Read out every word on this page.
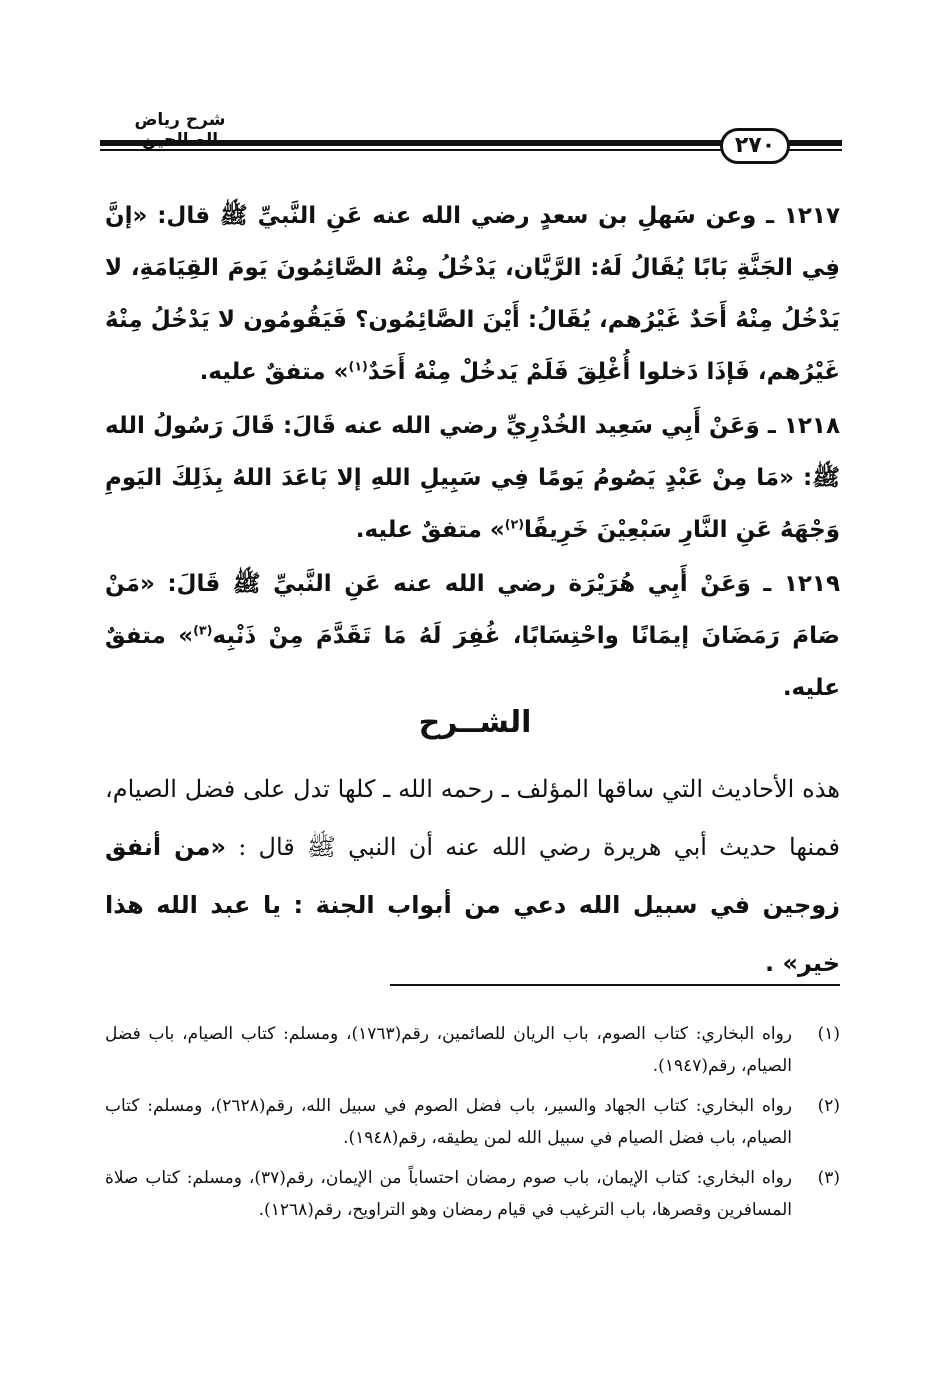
شرح رياض
٢٧٠

١٢١٧ ـ وعن سَهلِ بن سعدٍ رضي الله عنه عَنِ النَّبيِّ ﷺ قال: «إنَّ فِي الجَنَّةِ بَابًا يُقَالُ لَهُ: الرَّيَّان، يَدْخُلُ مِنْهُ الصَّائِمُونَ يَومَ القِيَامَةِ، لا يَدْخُلُ مِنْهُ أَحَدٌ غَيْرُهم، يُقَالُ: أَيْنَ الصَّائِمُون؟ فَيَقُومُون لا يَدْخُلُ مِنْهُ غَيْرُهم، فَإذَا دَخلوا أُغْلِقَ فَلَمْ يَدخُلْ مِنْهُ أَحَدٌ$^{(١)}$» متفقٌ عليه.

١٢١٨ ـ وَعَنْ أَبِي سَعِيد الخُدْرِيِّ رضي الله عنه قَالَ: قَالَ رَسُولُ الله ﷺ: «مَا مِنْ عَبْدٍ يَصُومُ يَومًا فِي سَبِيلِ اللهِ إلا بَاعَدَ اللهُ بِذَلِكَ اليَومِ وَجْهَهُ عَنِ النَّارِ سَبْعِيْنَ خَرِيفًا$^{(٢)}$» متفقٌ عليه.

١٢١٩ ـ وَعَنْ أَبِي هُرَيْرَة رضي الله عنه عَنِ النَّبيِّ ﷺ قَالَ: «مَنْ صَامَ رَمَضَانَ إيمَانًا واحْتِسَابًا، غُفِرَ لَهُ مَا تَقَدَّمَ مِنْ ذَنْبِه$^{(٣)}$» متفقٌ عليه.

الشــرح

هذه الأحاديث التي ساقها المؤلف ـ رحمه الله ـ كلها تدل على فضل الصيام، فمنها حديث أبي هريرة رضي الله عنه أن النبي ﷺ قال : «من أنفق زوجين في سبيل الله دعي من أبواب الجنة : يا عبد الله هذا خير» .

(١)
رواه البخاري: كتاب الصوم، باب الريان للصائمين، رقم(١٧٦٣)، ومسلم: كتاب الصيام، باب فضل الصيام، رقم(١٩٤٧).
(٢)
رواه البخاري: كتاب الجهاد والسير، باب فضل الصوم في سبيل الله، رقم(٢٦٢٨)، ومسلم: كتاب الصيام، باب فضل الصيام في سبيل الله لمن يطيقه، رقم(١٩٤٨).
(٣)
رواه البخاري: كتاب الإيمان، باب صوم رمضان احتساباً من الإيمان، رقم(٣٧)، ومسلم: كتاب صلاة المسافرين وقصرها، باب الترغيب في قيام رمضان وهو التراويح، رقم(١٢٦٨).
